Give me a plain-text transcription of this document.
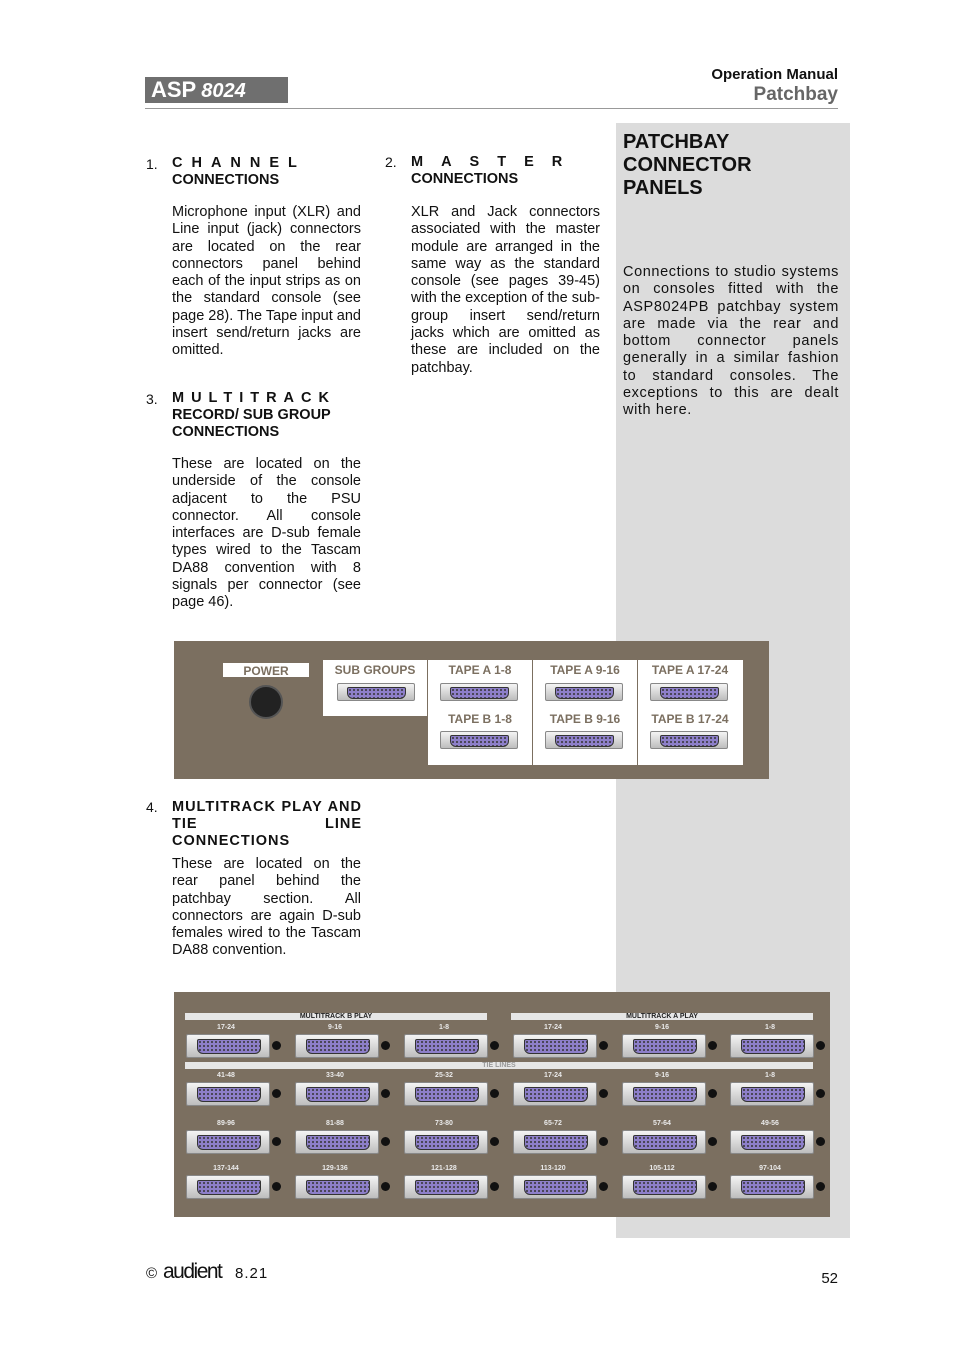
ASP 8024
Operation Manual
Patchbay
PATCHBAY
CONNECTOR
PANELS
Connections to studio systems on consoles fitted with the ASP8024PB patchbay system are made via the rear and bottom connector panels generally in a similar fashion to standard consoles. The exceptions to this are dealt with here.
1. CHANNEL
CONNECTIONS
Microphone input (XLR) and Line input (jack) connectors are located on the rear connectors panel behind each of the input strips as on the standard console (see page 28). The Tape input and insert send/return jacks are omitted.
2. MASTER
CONNECTIONS
XLR and Jack connectors associated with the master module are arranged in the same way as the standard console (see pages 39-45) with the exception of the sub-group insert send/return jacks which are omitted as these are included on the patchbay.
3. MULTITRACK
RECORD/ SUB GROUP CONNECTIONS
These are located on the underside of the console adjacent to the PSU connector. All console interfaces are D-sub female types wired to the Tascam DA88 convention with 8 signals per connector (see page 46).
POWER	SUB GROUPS	TAPE A 1-8	TAPE A 9-16	TAPE A 17-24
TAPE B 1-8	TAPE B 9-16	TAPE B 17-24
4. MULTITRACK PLAY AND TIE LINE CONNECTIONS
These are located on the rear panel behind the patchbay section. All connectors are again D-sub females wired to the Tascam DA88 convention.
MULTITRACK B PLAY	MULTITRACK A PLAY
TIE LINES
17-24	9-16	1-8	17-24	9-16	1-8
41-48	33-40	25-32	17-24	9-16	1-8
89-96	81-88	73-80	65-72	57-64	49-56
137-144	129-136	121-128	113-120	105-112	97-104
© audient 8.21	52
